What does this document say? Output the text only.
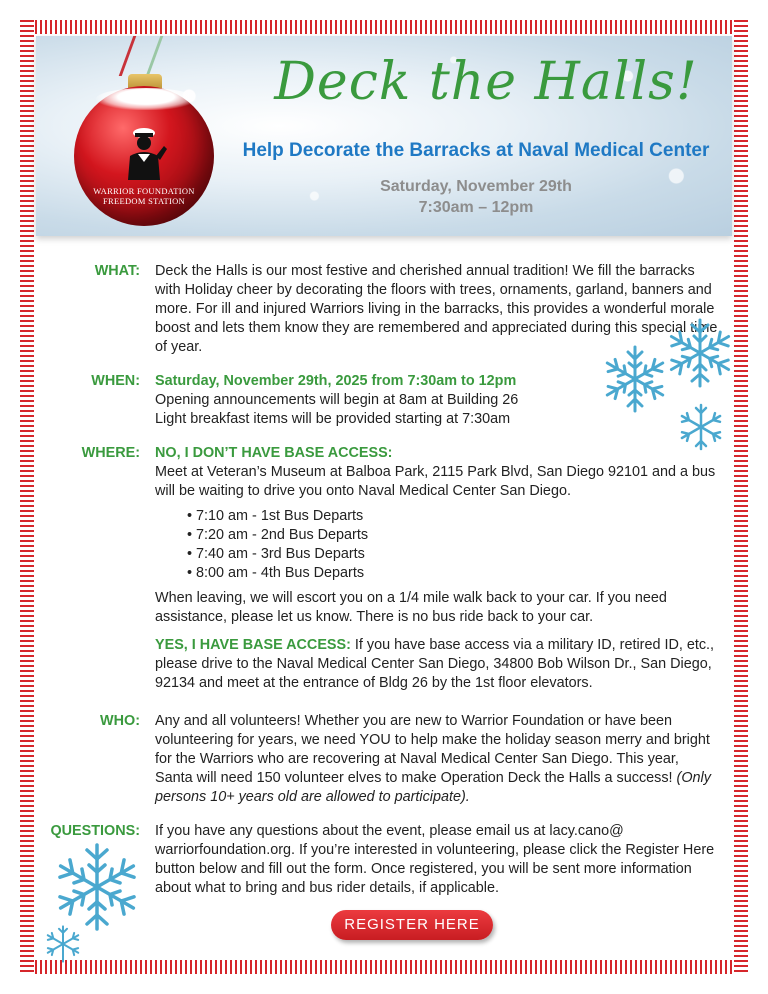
WARRIOR FOUNDATION
FREEDOM STATION
Deck the Halls!
Help Decorate the Barracks at Naval Medical Center
Saturday, November 29th
7:30am – 12pm
WHAT: Deck the Halls is our most festive and cherished annual tradition! We fill the barracks with Holiday cheer by decorating the floors with trees, ornaments, garland, banners and more. For ill and injured Warriors living in the barracks, this provides a wonderful morale boost and lets them know they are remembered and appreciated during this special time of year.
WHEN: Saturday, November 29th, 2025 from 7:30am to 12pm
Opening announcements will begin at 8am at Building 26
Light breakfast items will be provided starting at 7:30am
WHERE: NO, I DON’T HAVE BASE ACCESS:
Meet at Veteran’s Museum at Balboa Park, 2115 Park Blvd, San Diego 92101 and a bus will be waiting to drive you onto Naval Medical Center San Diego.
• 7:10 am - 1st Bus Departs
• 7:20 am - 2nd Bus Departs
• 7:40 am - 3rd Bus Departs
• 8:00 am - 4th Bus Departs
When leaving, we will escort you on a 1/4 mile walk back to your car. If you need assistance, please let us know. There is no bus ride back to your car.
YES, I HAVE BASE ACCESS: If you have base access via a military ID, retired ID, etc., please drive to the Naval Medical Center San Diego, 34800 Bob Wilson Dr., San Diego, 92134 and meet at the entrance of Bldg 26 by the 1st floor elevators.
WHO: Any and all volunteers! Whether you are new to Warrior Foundation or have been volunteering for years, we need YOU to help make the holiday season merry and bright for the Warriors who are recovering at Naval Medical Center San Diego. This year, Santa will need 150 volunteer elves to make Operation Deck the Halls a success! (Only persons 10+ years old are allowed to participate).
QUESTIONS: If you have any questions about the event, please email us at lacy.cano@ warriorfoundation.org. If you’re interested in volunteering, please click the Register Here button below and fill out the form. Once registered, you will be sent more information about what to bring and bus rider details, if applicable.
REGISTER HERE
